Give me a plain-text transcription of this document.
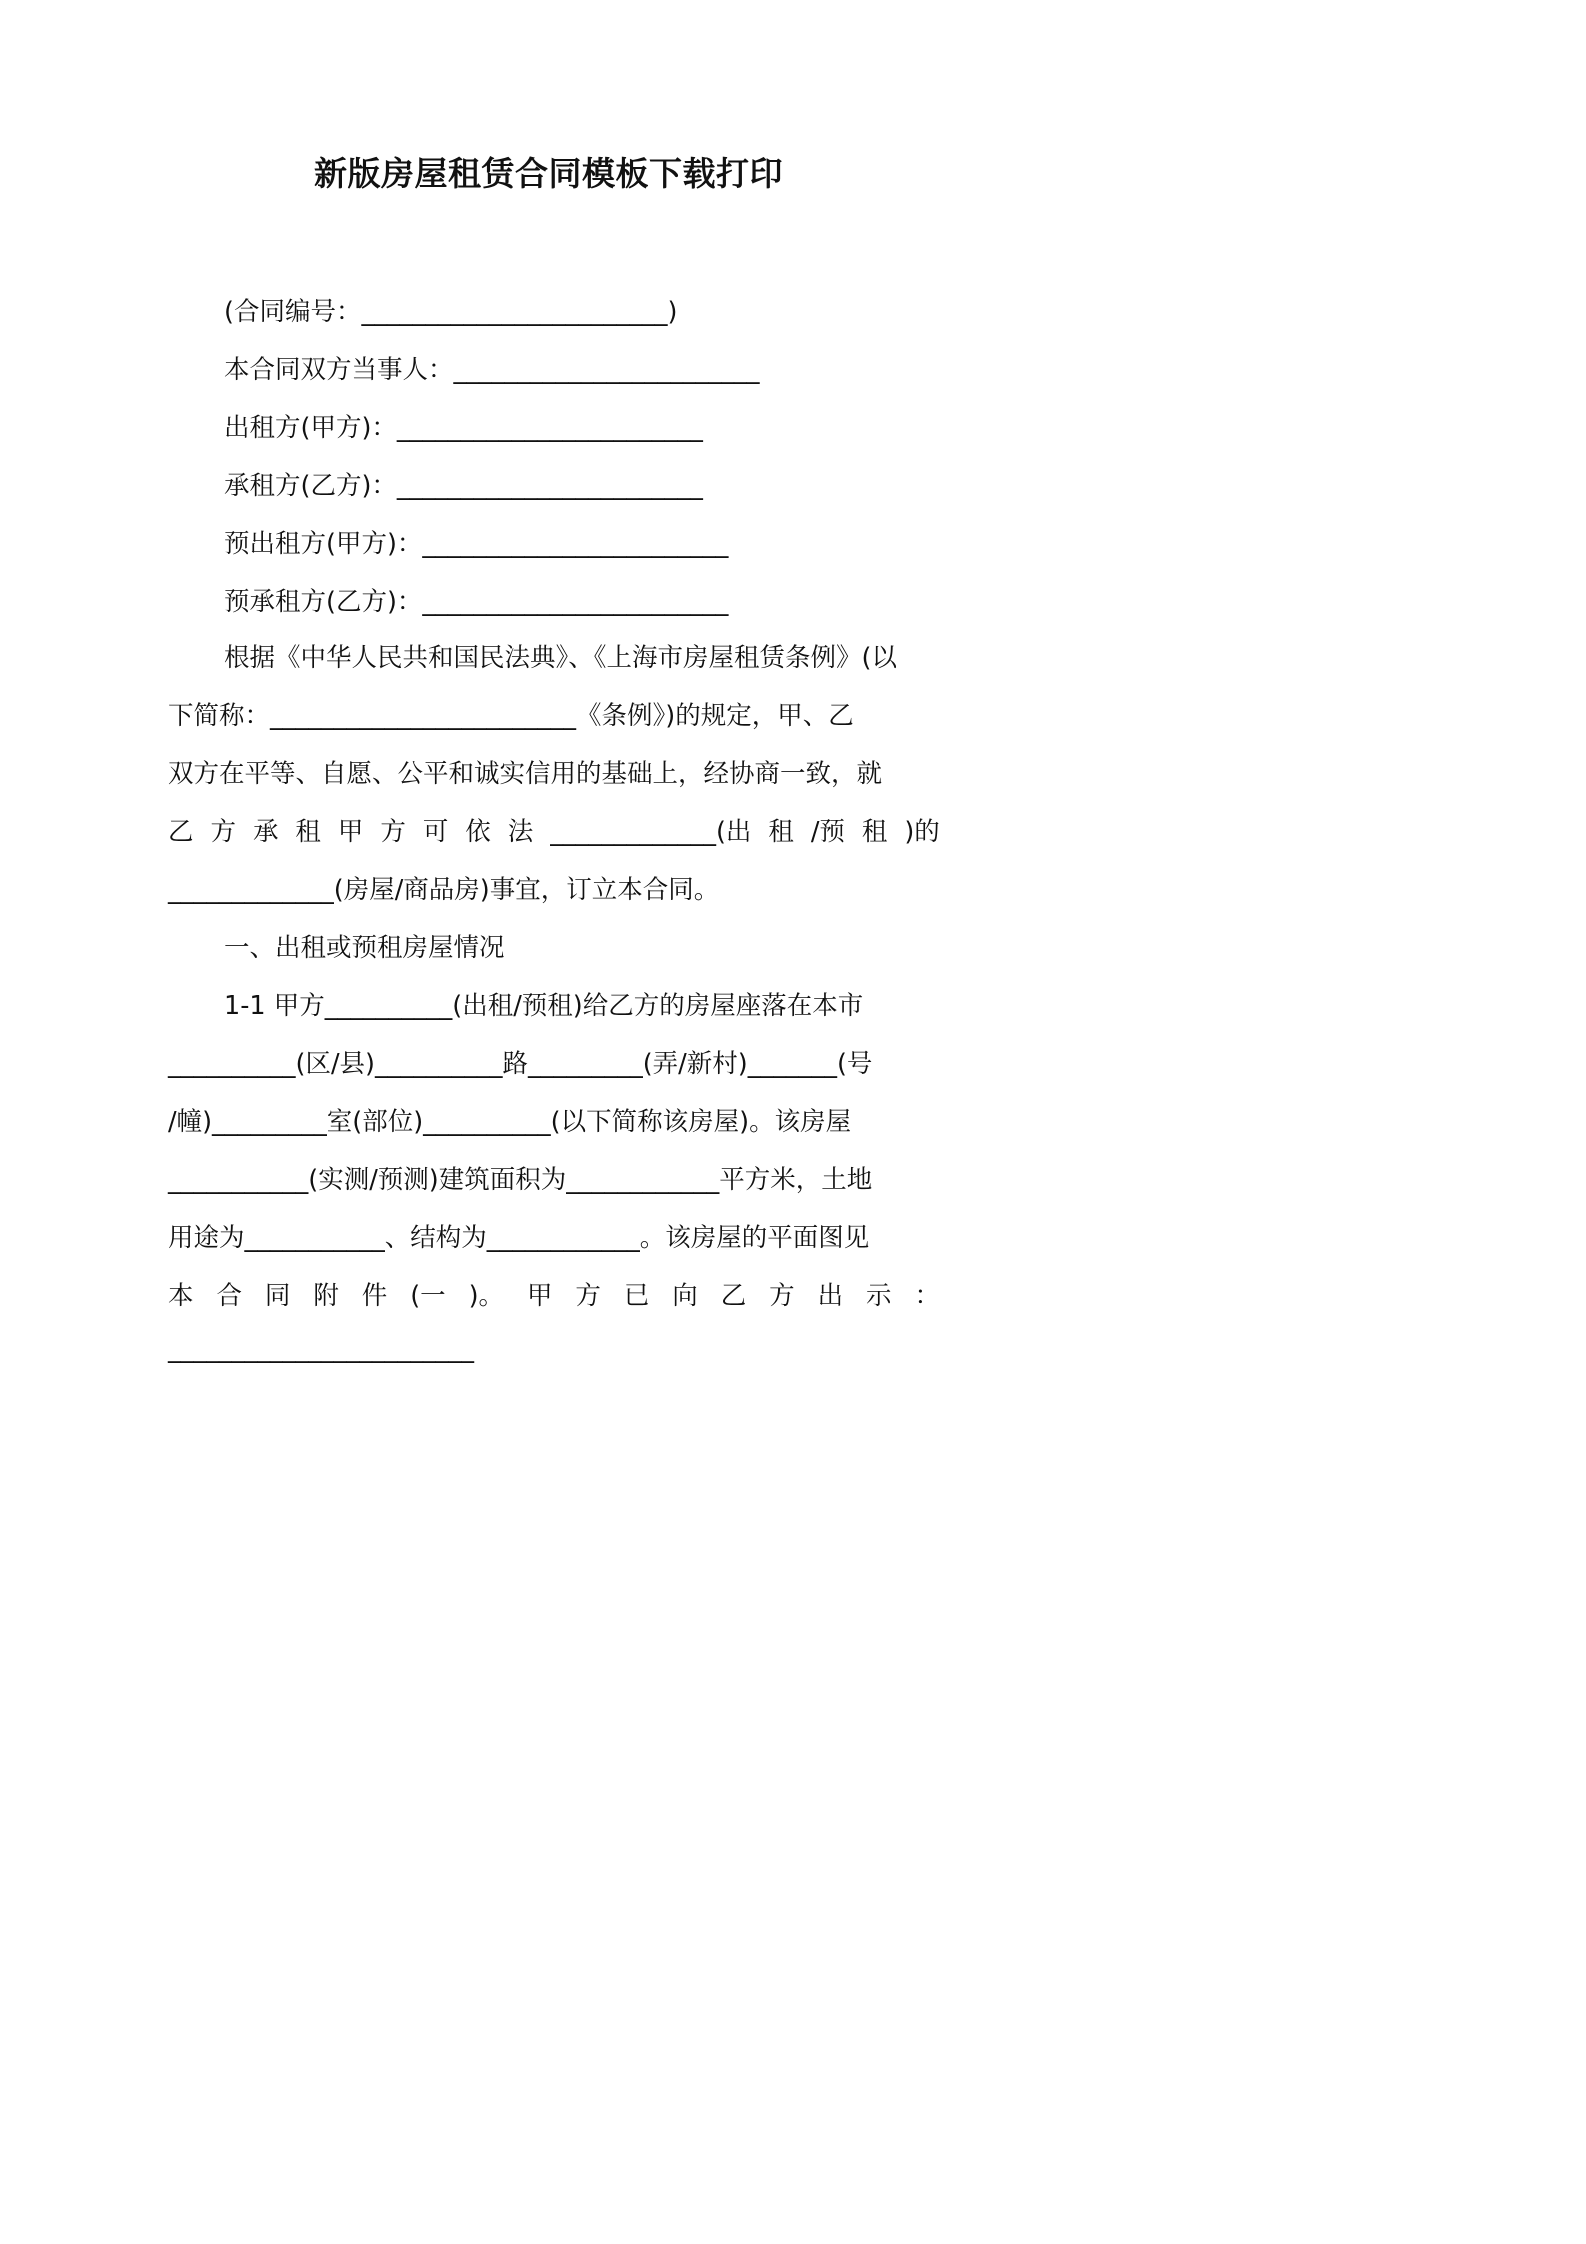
新版房屋租赁合同模板下载打印
(合同编号：________________________)
本合同双方当事人：________________________
出租方(甲方)：________________________
承租方(乙方)：________________________
预出租方(甲方)：________________________
预承租方(乙方)：________________________
根据《中华人民共和国民法典》、《上海市房屋租赁条例》(以
下简称：________________________《条例》)的规定，甲、乙
双方在平等、自愿、公平和诚实信用的基础上，经协商一致，就
乙 方 承 租 甲 方 可 依 法 _____________(出 租 /预 租 )的
_____________(房屋/商品房)事宜，订立本合同。
一、出租或预租房屋情况
1-1 甲方__________(出租/预租)给乙方的房屋座落在本市
__________(区/县)__________路_________(弄/新村)_______(号
/幢)_________室(部位)__________(以下简称该房屋)。该房屋
___________(实测/预测)建筑面积为____________平方米，土地
用途为___________、结构为____________。该房屋的平面图见
本 合 同 附 件 (一 )。 甲 方 已 向 乙 方 出 示 ：
________________________
